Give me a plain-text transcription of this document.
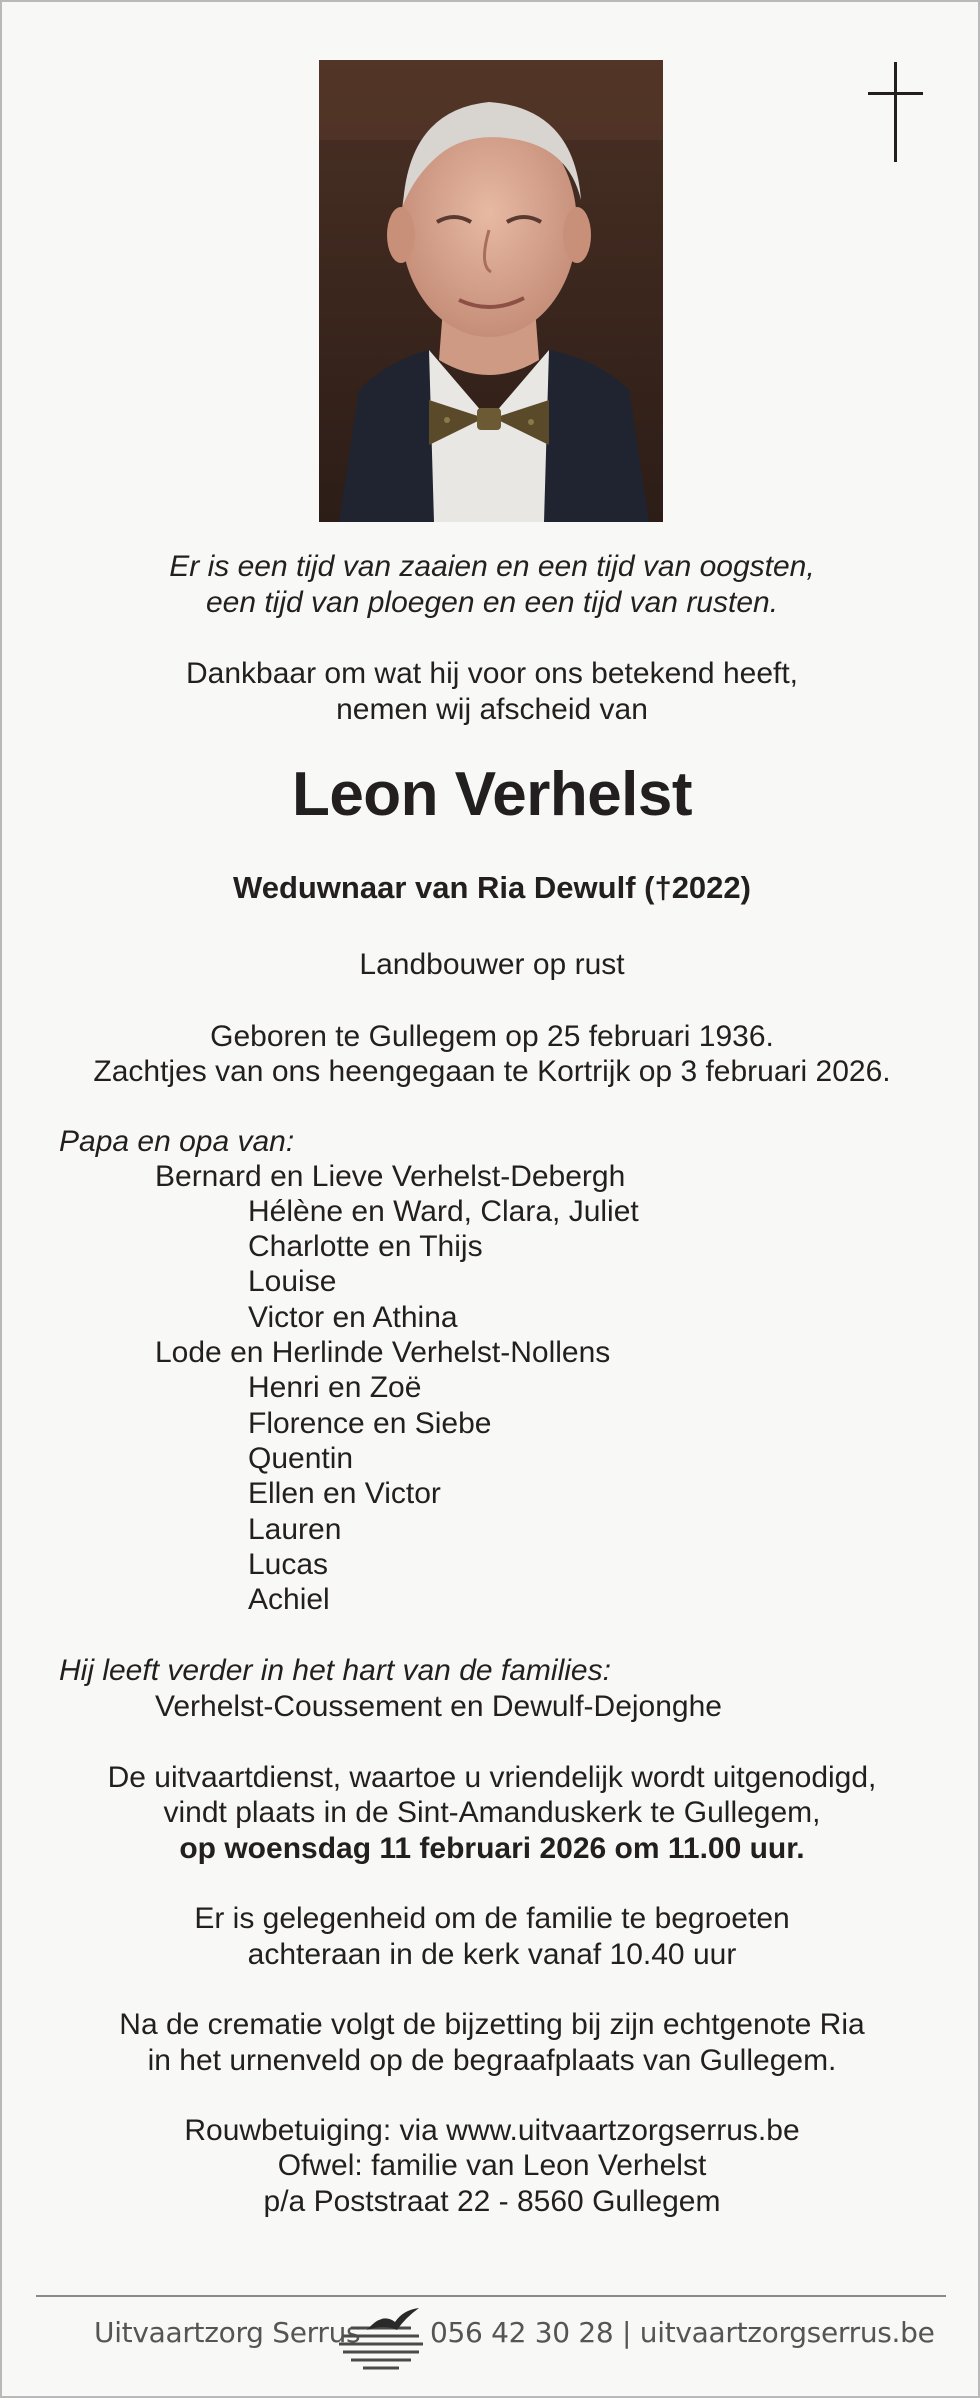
Er is een tijd van zaaien en een tijd van oogsten,
een tijd van ploegen en een tijd van rusten.
Dankbaar om wat hij voor ons betekend heeft,
nemen wij afscheid van
Leon Verhelst
Weduwnaar van Ria Dewulf (†2022)
Landbouwer op rust
Geboren te Gullegem op 25 februari 1936.
Zachtjes van ons heengegaan te Kortrijk op 3 februari 2026.
Papa en opa van:
Bernard en Lieve Verhelst-Debergh
Hélène en Ward, Clara, Juliet
Charlotte en Thijs
Louise
Victor en Athina
Lode en Herlinde Verhelst-Nollens
Henri en Zoë
Florence en Siebe
Quentin
Ellen en Victor
Lauren
Lucas
Achiel
Hij leeft verder in het hart van de families:
Verhelst-Coussement en Dewulf-Dejonghe
De uitvaartdienst, waartoe u vriendelijk wordt uitgenodigd,
vindt plaats in de Sint-Amanduskerk te Gullegem,
op woensdag 11 februari 2026 om 11.00 uur.
Er is gelegenheid om de familie te begroeten
achteraan in de kerk vanaf 10.40 uur
Na de crematie volgt de bijzetting bij zijn echtgenote Ria
in het urnenveld op de begraafplaats van Gullegem.
Rouwbetuiging: via www.uitvaartzorgserrus.be
Ofwel: familie van Leon Verhelst
p/a Poststraat 22 - 8560 Gullegem
Uitvaartzorg Serrus 056 42 30 28 | uitvaartzorgserrus.be
